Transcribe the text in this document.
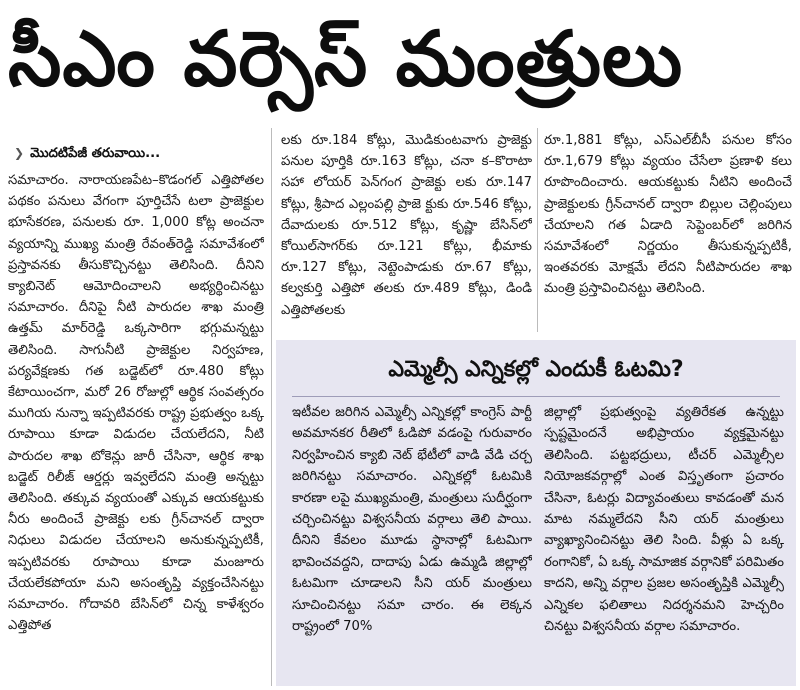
సీఎం వర్సెస్ మంత్రులు
❯ మొదటిపేజీ తరువాయి...

సమాచారం. నారాయణపేట–కొడంగల్ ఎత్తిపోతల పథకం పనులు వేగంగా పూర్తిచేసే టలా ప్రాజెక్టుల భూసేకరణ, పనులకు రూ. 1,000 కోట్ల అంచనా వ్యయాన్ని ముఖ్య మంత్రి రేవంత్‌రెడ్డి సమావేశంలో ప్రస్తావనకు తీసుకొచ్చినట్టు తెలిసింది. దీనిని క్యాబినెట్ ఆమోదించాలని అభ్యర్థించినట్టు సమాచారం. దీనిపై నీటి పారుదల శాఖ మంత్రి ఉత్తమ్ మార్‌రెడ్డి ఒక్కసారిగా భగ్గుమన్నట్టు తెలిసింది. సాగునీటి ప్రాజెక్టుల నిర్వహణ, పర్యవేక్షణకు గత బడ్జెట్‌లో రూ.480 కోట్లు కేటాయించగా, మరో 26 రోజుల్లో ఆర్థిక సంవత్సరం ముగియ నున్నా ఇప్పటివరకు రాష్ట్ర ప్రభుత్వం ఒక్క రూపాయి కూడా విడుదల చేయలేదని, నీటి పారుదల శాఖ టోకెన్లు జారీ చేసినా, ఆర్థిక శాఖ బడ్జెట్ రిలీజ్ ఆర్డర్లు ఇవ్వలేదని మంత్రి అన్నట్టు తెలిసింది. తక్కువ వ్యయంతో ఎక్కువ ఆయకట్టుకు నీరు అందించే ప్రాజెక్టు లకు గ్రీన్‌చానల్ ద్వారా నిధులు విడుదల చేయాలని అనుకున్నప్పటికీ, ఇప్పటివరకు రూపాయి కూడా మంజూరు చేయలేకపోయా మని అసంతృప్తి వ్యక్తంచేసినట్టు సమాచారం. గోదావరి బేసిన్‌లో చిన్న కాళేశ్వరం ఎత్తిపోత

లకు రూ.184 కోట్లు, మొడికుంటవాగు ప్రాజెక్టు పనుల పూర్తికి రూ.163 కోట్లు, చనా క–కొరాటా సహా లోయర్ పెన్‌గంగ ప్రాజెక్టు లకు రూ.147 కోట్లు, శ్రీపాద ఎల్లంపల్లి ప్రాజె క్టుకు రూ.546 కోట్లు, దేవాదులకు రూ.512 కోట్లు, కృష్ణా బేసిన్‌లో కోయిల్‌సాగర్‌కు రూ.121 కోట్లు, భీమాకు రూ.127 కోట్లు, నెట్టెంపాడుకు రూ.67 కోట్లు, కల్వకుర్తి ఎత్తిపో తలకు రూ.489 కోట్లు, డిండి ఎత్తిపోతలకు

రూ.1,881 కోట్లు, ఎస్ఎల్‌బీసీ పనుల కోసం రూ.1,679 కోట్లు వ్యయం చేసేలా ప్రణాళి కలు రూపొందించారు. ఆయకట్టుకు నీటిని అందించే ప్రాజెక్టులకు గ్రీన్‌చానల్ ద్వారా బిల్లుల చెల్లింపులు చేయాలని గత ఏడాది సెప్టెంబర్‌లో జరిగిన సమావేశంలో నిర్ణయం తీసుకున్నప్పటికీ, ఇంతవరకు మోక్షమే లేదని నీటిపారుదల శాఖ మంత్రి ప్రస్తావించినట్టు తెలిసింది.

ఎమ్మెల్సీ ఎన్నికల్లో ఎందుకీ ఓటమి?
ఇటీవల జరిగిన ఎమ్మెల్సీ ఎన్నికల్లో కాంగ్రెస్ పార్టీ అవమానకర రీతిలో ఓడిపో వడంపై గురువారం నిర్వహించిన క్యాబి నెట్ భేటీలో వాడి వేడి చర్చ జరిగినట్టు సమాచారం. ఎన్నికల్లో ఓటమికి కారణా లపై ముఖ్యమంత్రి, మంత్రులు సుదీర్ఘంగా చర్చించినట్టు విశ్వసనీయ వర్గాలు తెలి పాయి. దీనిని కేవలం మూడు స్థానాల్లో ఓటమిగా భావించవద్దని, దాదాపు ఏడు ఉమ్మడి జిల్లాల్లో ఓటమిగా చూడాలని సీని యర్ మంత్రులు సూచించినట్టు సమా చారం. ఈ లెక్కన రాష్ట్రంలో 70%
జిల్లాల్లో ప్రభుత్వంపై వ్యతిరేకత ఉన్నట్టు స్పష్టమైందనే అభిప్రాయం వ్యక్తమైనట్టు తెలిసింది. పట్టభద్రులు, టీచర్ ఎమ్మెల్సీల నియోజకవర్గాల్లో ఎంత విస్తృతంగా ప్రచారం చేసినా, ఓటర్లు విద్యావంతులు కావడంతో మన మాట నమ్మలేదని సీని యర్ మంత్రులు వ్యాఖ్యానించినట్టు తెలి సింది. వీళ్లు ఏ ఒక్క రంగానికో, ఏ ఒక్క సామాజిక వర్గానికో పరిమితం కాదని, అన్ని వర్గాల ప్రజల అసంతృప్తికి ఎమ్మెల్సీ ఎన్నికల ఫలితాలు నిదర్శనమని హెచ్చరిం చినట్టు విశ్వసనీయ వర్గాల సమాచారం.
